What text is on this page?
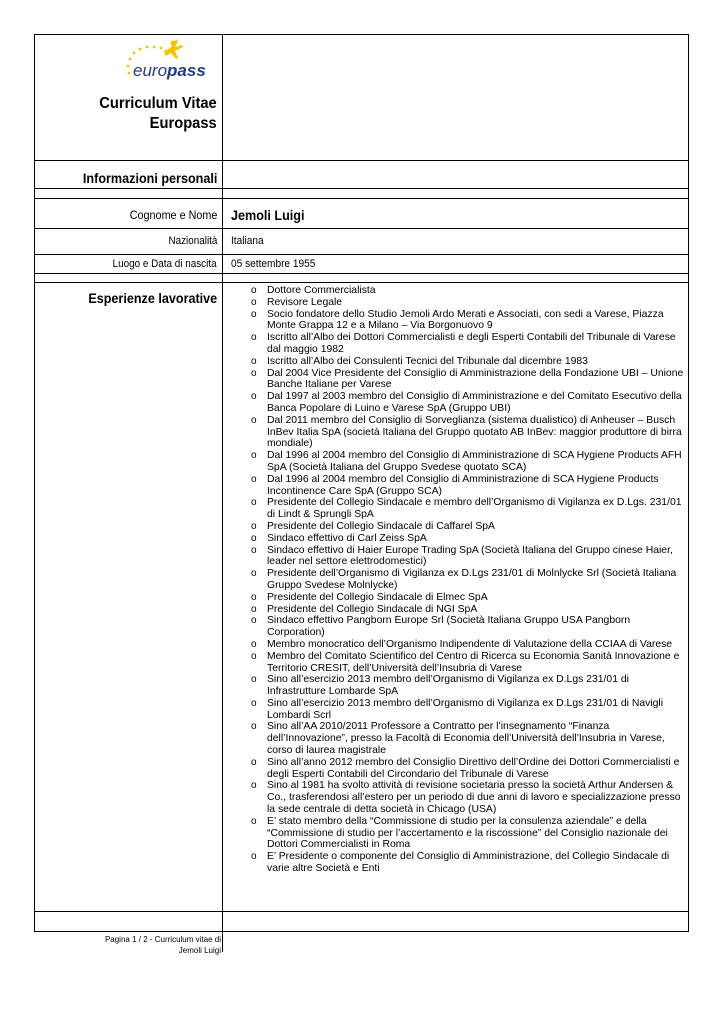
europass
Curriculum Vitae
Europass
Informazioni personali
Cognome e Nome Jemoli Luigi
Nazionalità Italiana
Luogo e Data di nascita 05 settembre 1955
Esperienze lavorative
o	Dottore Commercialista
o Revisore Legale
o Socio fondatore dello Studio Jemoli Ardo Merati e Associati, con sedi a Varese, Piazza Monte Grappa 12 e a Milano – Via Borgonuovo 9
o Iscritto all’Albo dei Dottori Commercialisti e degli Esperti Contabili del Tribunale di Varese dal maggio 1982
o Iscritto all’Albo dei Consulenti Tecnici del Tribunale dal dicembre 1983
o Dal 2004 Vice Presidente del Consiglio di Amministrazione della Fondazione UBI – Unione Banche Italiane per Varese
o Dal 1997 al 2003 membro del Consiglio di Amministrazione e del Comitato Esecutivo della Banca Popolare di Luino e Varese SpA (Gruppo UBI)
o Dal 2011 membro del Consiglio di Sorveglianza (sistema dualistico) di Anheuser – Busch InBev Italia SpA (società Italiana del Gruppo quotato AB InBev: maggior produttore di birra mondiale)
o Dal 1996 al 2004 membro del Consiglio di Amministrazione di SCA Hygiene Products AFH SpA (Società Italiana del Gruppo Svedese quotato SCA)
o Dal 1996 al 2004 membro del Consiglio di Amministrazione di SCA Hygiene Products Incontinence Care SpA (Gruppo SCA)
o Presidente del Collegio Sindacale e membro dell’Organismo di Vigilanza ex D.Lgs. 231/01 di Lindt & Sprungli SpA
o Presidente del Collegio Sindacale di Caffarel SpA
o Sindaco effettivo di Carl Zeiss SpA
o Sindaco effettivo di Haier Europe Trading SpA (Società Italiana del Gruppo cinese Haier, leader nel settore elettrodomestici)
o Presidente dell’Organismo di Vigilanza ex D.Lgs 231/01 di Molnlycke Srl (Società Italiana Gruppo Svedese Molnlycke)
o Presidente del Collegio Sindacale di Elmec SpA
o Presidente del Collegio Sindacale di NGI SpA
o Sindaco effettivo Pangborn Europe Srl (Società Italiana Gruppo USA Pangborn Corporation)
o Membro monocratico dell’Organismo Indipendente di Valutazione della CCIAA di Varese
o Membro del Comitato Scientifico del Centro di Ricerca su Economia Sanità Innovazione e Territorio CRESIT, dell’Università dell’Insubria di Varese
o Sino all’esercizio 2013 membro dell’Organismo di Vigilanza ex D.Lgs 231/01 di Infrastrutture Lombarde SpA
o Sino all’esercizio 2013 membro dell’Organismo di Vigilanza ex D.Lgs 231/01 di Navigli Lombardi Scrl
o Sino all’AA 2010/2011 Professore a Contratto per l’insegnamento “Finanza dell’Innovazione”, presso la Facoltà di Economia dell’Università dell’Insubria in Varese, corso di laurea magistrale
o Sino all’anno 2012 membro del Consiglio Direttivo dell’Ordine dei Dottori Commercialisti e degli Esperti Contabili del Circondario del Tribunale di Varese
o Sino al 1981 ha svolto attività di revisione societaria presso la società Arthur Andersen & Co., trasferendosi all’estero per un periodo di due anni di lavoro e specializzazione presso la sede centrale di detta società in Chicago (USA)
o E’ stato membro della “Commissione di studio per la consulenza aziendale” e della “Commissione di studio per l’accertamento e la riscossione” del Consiglio nazionale dei Dottori Commercialisti in Roma
o E’ Presidente o componente del Consiglio di Amministrazione, del Collegio Sindacale di varie altre Società e Enti
Pagina 1 / 2 - Curriculum vitae di
Jemoli Luigi
